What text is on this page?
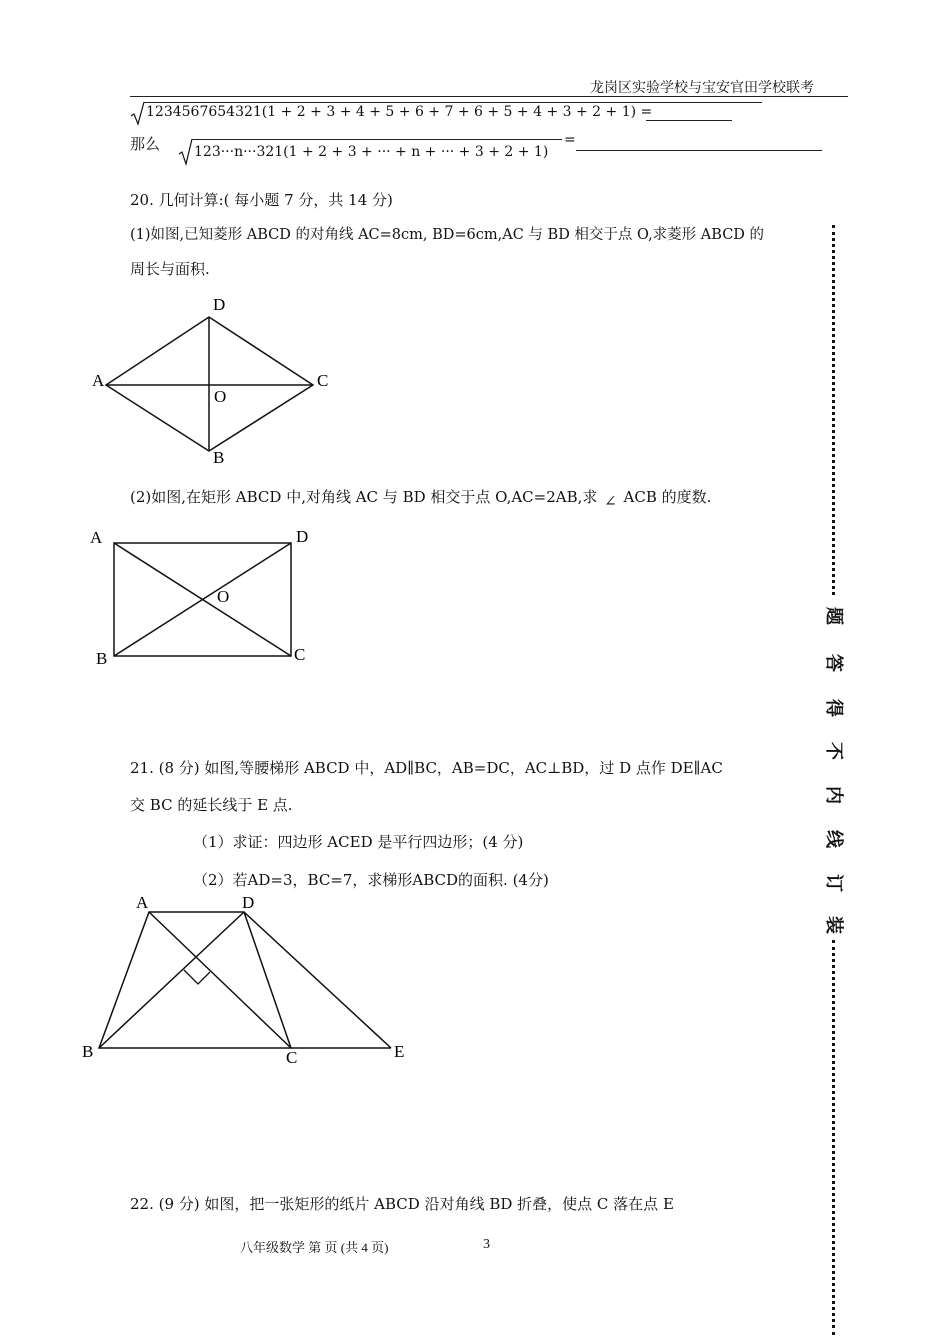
龙岗区实验学校与宝安官田学校联考
1234567654321(1 + 2 + 3 + 4 + 5 + 6 + 7 + 6 + 5 + 4 + 3 + 2 + 1) =
那么 123···n···321(1 + 2 + 3 + ··· + n + ··· + 3 + 2 + 1)
=
20. 几何计算:( 每小题 7 分，共 14 分)
(1)如图,已知菱形 ABCD 的对角线 AC=8cm, BD=6cm,AC 与 BD 相交于点 O,求菱形 ABCD 的
周长与面积.
D
A	C
O
B
(2)如图,在矩形 ABCD 中,对角线 AC 与 BD 相交于点 O,AC=2AB,求 ∠ ACB 的度数.
A	D
O
B	C
21. (8 分) 如图,等腰梯形 ABCD 中，AD∥BC，AB=DC，AC⊥BD，过 D 点作 DE∥AC
交 BC 的延长线于 E 点.
（1）求证：四边形 ACED 是平行四边形；(4 分)
（2）若AD=3，BC=7，求梯形ABCD的面积. (4分)
A	D
B	C	E
22. (9 分) 如图，把一张矩形的纸片 ABCD 沿对角线 BD 折叠，使点 C 落在点 E
八年级数学 第 页 (共 4 页)	3
题
答
得
不
内
线
订
装
